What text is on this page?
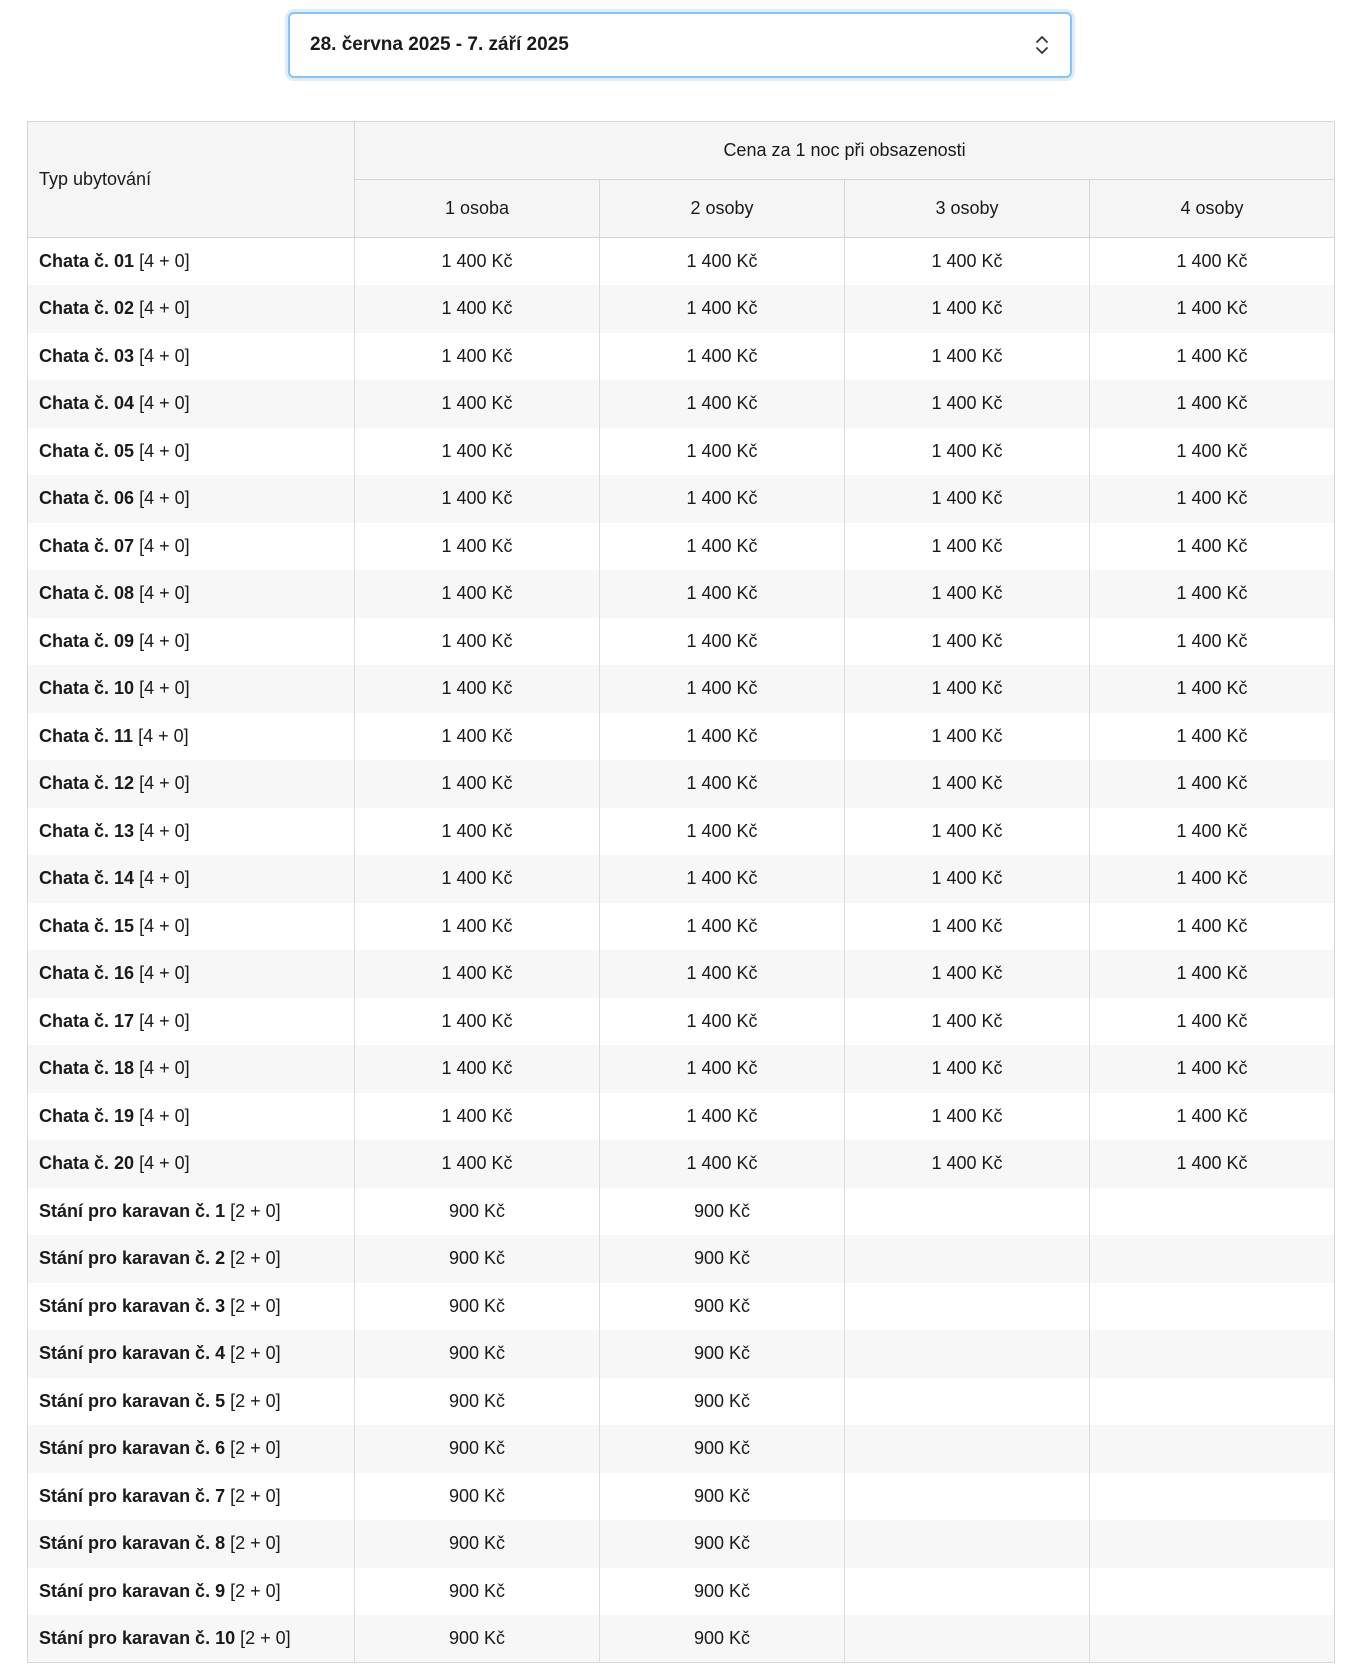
28. června 2025 - 7. září 2025
Typ ubytování	Cena za 1 noc při obsazenosti			
	1 osoba	2 osoby	3 osoby	4 osoby
Chata č. 01 [4 + 0]	1 400 Kč	1 400 Kč	1 400 Kč	1 400 Kč
Chata č. 02 [4 + 0]	1 400 Kč	1 400 Kč	1 400 Kč	1 400 Kč
Chata č. 03 [4 + 0]	1 400 Kč	1 400 Kč	1 400 Kč	1 400 Kč
Chata č. 04 [4 + 0]	1 400 Kč	1 400 Kč	1 400 Kč	1 400 Kč
Chata č. 05 [4 + 0]	1 400 Kč	1 400 Kč	1 400 Kč	1 400 Kč
Chata č. 06 [4 + 0]	1 400 Kč	1 400 Kč	1 400 Kč	1 400 Kč
Chata č. 07 [4 + 0]	1 400 Kč	1 400 Kč	1 400 Kč	1 400 Kč
Chata č. 08 [4 + 0]	1 400 Kč	1 400 Kč	1 400 Kč	1 400 Kč
Chata č. 09 [4 + 0]	1 400 Kč	1 400 Kč	1 400 Kč	1 400 Kč
Chata č. 10 [4 + 0]	1 400 Kč	1 400 Kč	1 400 Kč	1 400 Kč
Chata č. 11 [4 + 0]	1 400 Kč	1 400 Kč	1 400 Kč	1 400 Kč
Chata č. 12 [4 + 0]	1 400 Kč	1 400 Kč	1 400 Kč	1 400 Kč
Chata č. 13 [4 + 0]	1 400 Kč	1 400 Kč	1 400 Kč	1 400 Kč
Chata č. 14 [4 + 0]	1 400 Kč	1 400 Kč	1 400 Kč	1 400 Kč
Chata č. 15 [4 + 0]	1 400 Kč	1 400 Kč	1 400 Kč	1 400 Kč
Chata č. 16 [4 + 0]	1 400 Kč	1 400 Kč	1 400 Kč	1 400 Kč
Chata č. 17 [4 + 0]	1 400 Kč	1 400 Kč	1 400 Kč	1 400 Kč
Chata č. 18 [4 + 0]	1 400 Kč	1 400 Kč	1 400 Kč	1 400 Kč
Chata č. 19 [4 + 0]	1 400 Kč	1 400 Kč	1 400 Kč	1 400 Kč
Chata č. 20 [4 + 0]	1 400 Kč	1 400 Kč	1 400 Kč	1 400 Kč
Stání pro karavan č. 1 [2 + 0]	900 Kč	900 Kč		
Stání pro karavan č. 2 [2 + 0]	900 Kč	900 Kč		
Stání pro karavan č. 3 [2 + 0]	900 Kč	900 Kč		
Stání pro karavan č. 4 [2 + 0]	900 Kč	900 Kč		
Stání pro karavan č. 5 [2 + 0]	900 Kč	900 Kč		
Stání pro karavan č. 6 [2 + 0]	900 Kč	900 Kč		
Stání pro karavan č. 7 [2 + 0]	900 Kč	900 Kč		
Stání pro karavan č. 8 [2 + 0]	900 Kč	900 Kč		
Stání pro karavan č. 9 [2 + 0]	900 Kč	900 Kč		
Stání pro karavan č. 10 [2 + 0]	900 Kč	900 Kč		
